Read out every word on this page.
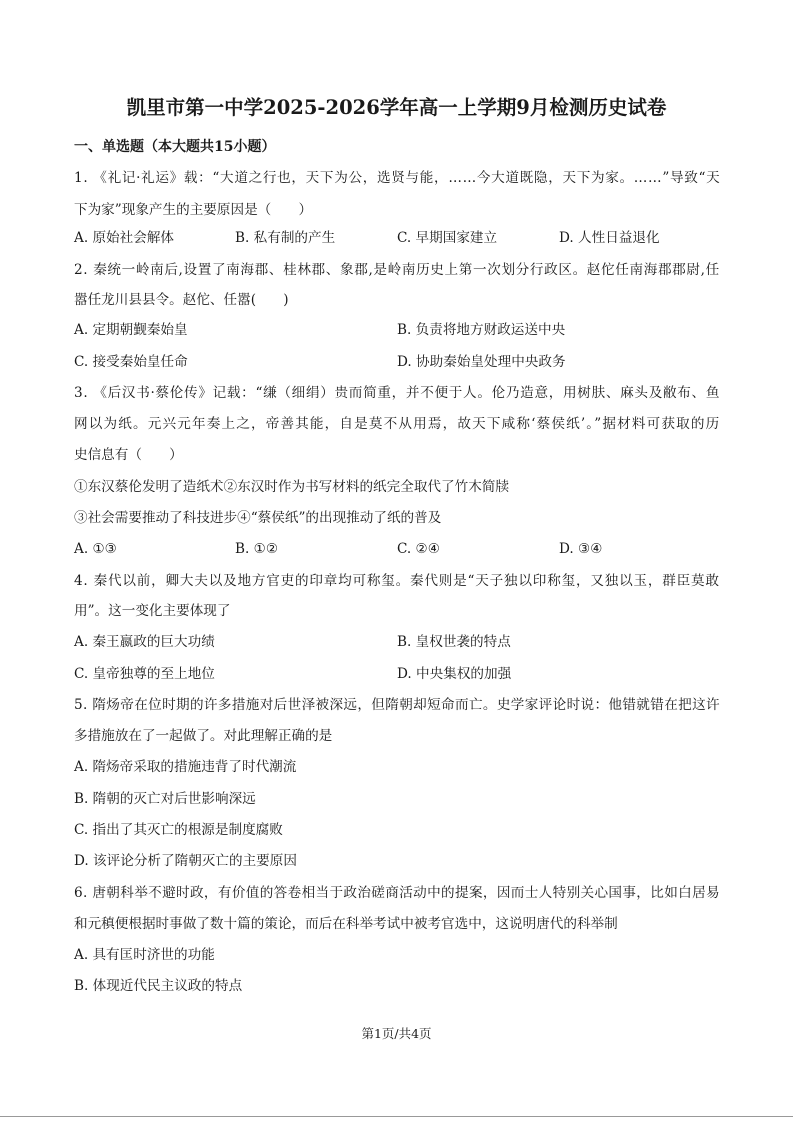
凯里市第一中学2025-2026学年高一上学期9月检测历史试卷
一、单选题（本大题共15小题）
1. 《礼记·礼运》载：“大道之行也，天下为公，选贤与能，……今大道既隐，天下为家。……”导致“天
下为家”现象产生的主要原因是（　　）
A. 原始社会解体	B. 私有制的产生	C. 早期国家建立	D. 人性日益退化
2. 秦统一岭南后,设置了南海郡、桂林郡、象郡,是岭南历史上第一次划分行政区。赵佗任南海郡郡尉,任
嚣任龙川县县令。赵佗、任嚣(　　)
A. 定期朝觐秦始皇	B. 负责将地方财政运送中央
C. 接受秦始皇任命	D. 协助秦始皇处理中央政务
3. 《后汉书·蔡伦传》记载：“缣（细绢）贵而简重，并不便于人。伦乃造意，用树肤、麻头及敝布、鱼
网以为纸。元兴元年奏上之，帝善其能，自是莫不从用焉，故天下咸称‘蔡侯纸’。”据材料可获取的历
史信息有（　　）
①东汉蔡伦发明了造纸术②东汉时作为书写材料的纸完全取代了竹木简牍
③社会需要推动了科技进步④“蔡侯纸”的出现推动了纸的普及
A. ①③	B. ①②	C. ②④	D. ③④
4. 秦代以前，卿大夫以及地方官吏的印章均可称玺。秦代则是“天子独以印称玺，又独以玉，群臣莫敢
用”。这一变化主要体现了
A. 秦王嬴政的巨大功绩	B. 皇权世袭的特点
C. 皇帝独尊的至上地位	D. 中央集权的加强
5. 隋炀帝在位时期的许多措施对后世泽被深远，但隋朝却短命而亡。史学家评论时说：他错就错在把这许
多措施放在了一起做了。对此理解正确的是
A. 隋炀帝采取的措施违背了时代潮流
B. 隋朝的灭亡对后世影响深远
C. 指出了其灭亡的根源是制度腐败
D. 该评论分析了隋朝灭亡的主要原因
6. 唐朝科举不避时政，有价值的答卷相当于政治磋商活动中的提案，因而士人特别关心国事，比如白居易
和元稹便根据时事做了数十篇的策论，而后在科举考试中被考官选中，这说明唐代的科举制
A. 具有匡时济世的功能
B. 体现近代民主议政的特点
第1页/共4页
